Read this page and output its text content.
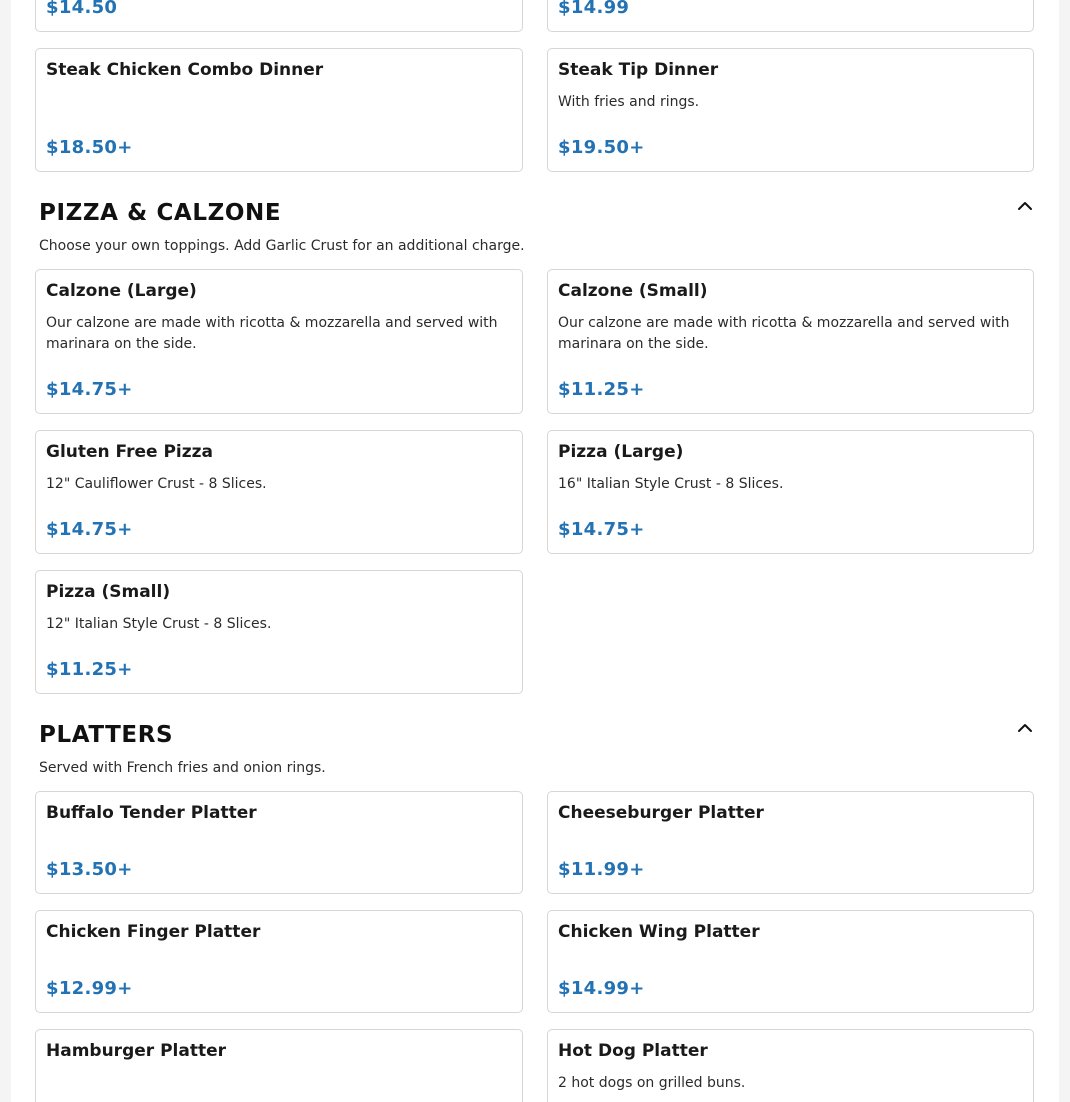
$14.50	$14.99
Steak Chicken Combo Dinner
$18.50+
Steak Tip Dinner
With fries and rings.
$19.50+
PIZZA & CALZONE
Choose your own toppings. Add Garlic Crust for an additional charge.
Calzone (Large)
Our calzone are made with ricotta & mozzarella and served with marinara on the side.
$14.75+
Calzone (Small)
Our calzone are made with ricotta & mozzarella and served with marinara on the side.
$11.25+
Gluten Free Pizza
12" Cauliflower Crust - 8 Slices.
$14.75+
Pizza (Large)
16" Italian Style Crust - 8 Slices.
$14.75+
Pizza (Small)
12" Italian Style Crust - 8 Slices.
$11.25+
PLATTERS
Served with French fries and onion rings.
Buffalo Tender Platter
$13.50+
Cheeseburger Platter
$11.99+
Chicken Finger Platter
$12.99+
Chicken Wing Platter
$14.99+
Hamburger Platter	Hot Dog Platter
2 hot dogs on grilled buns.
